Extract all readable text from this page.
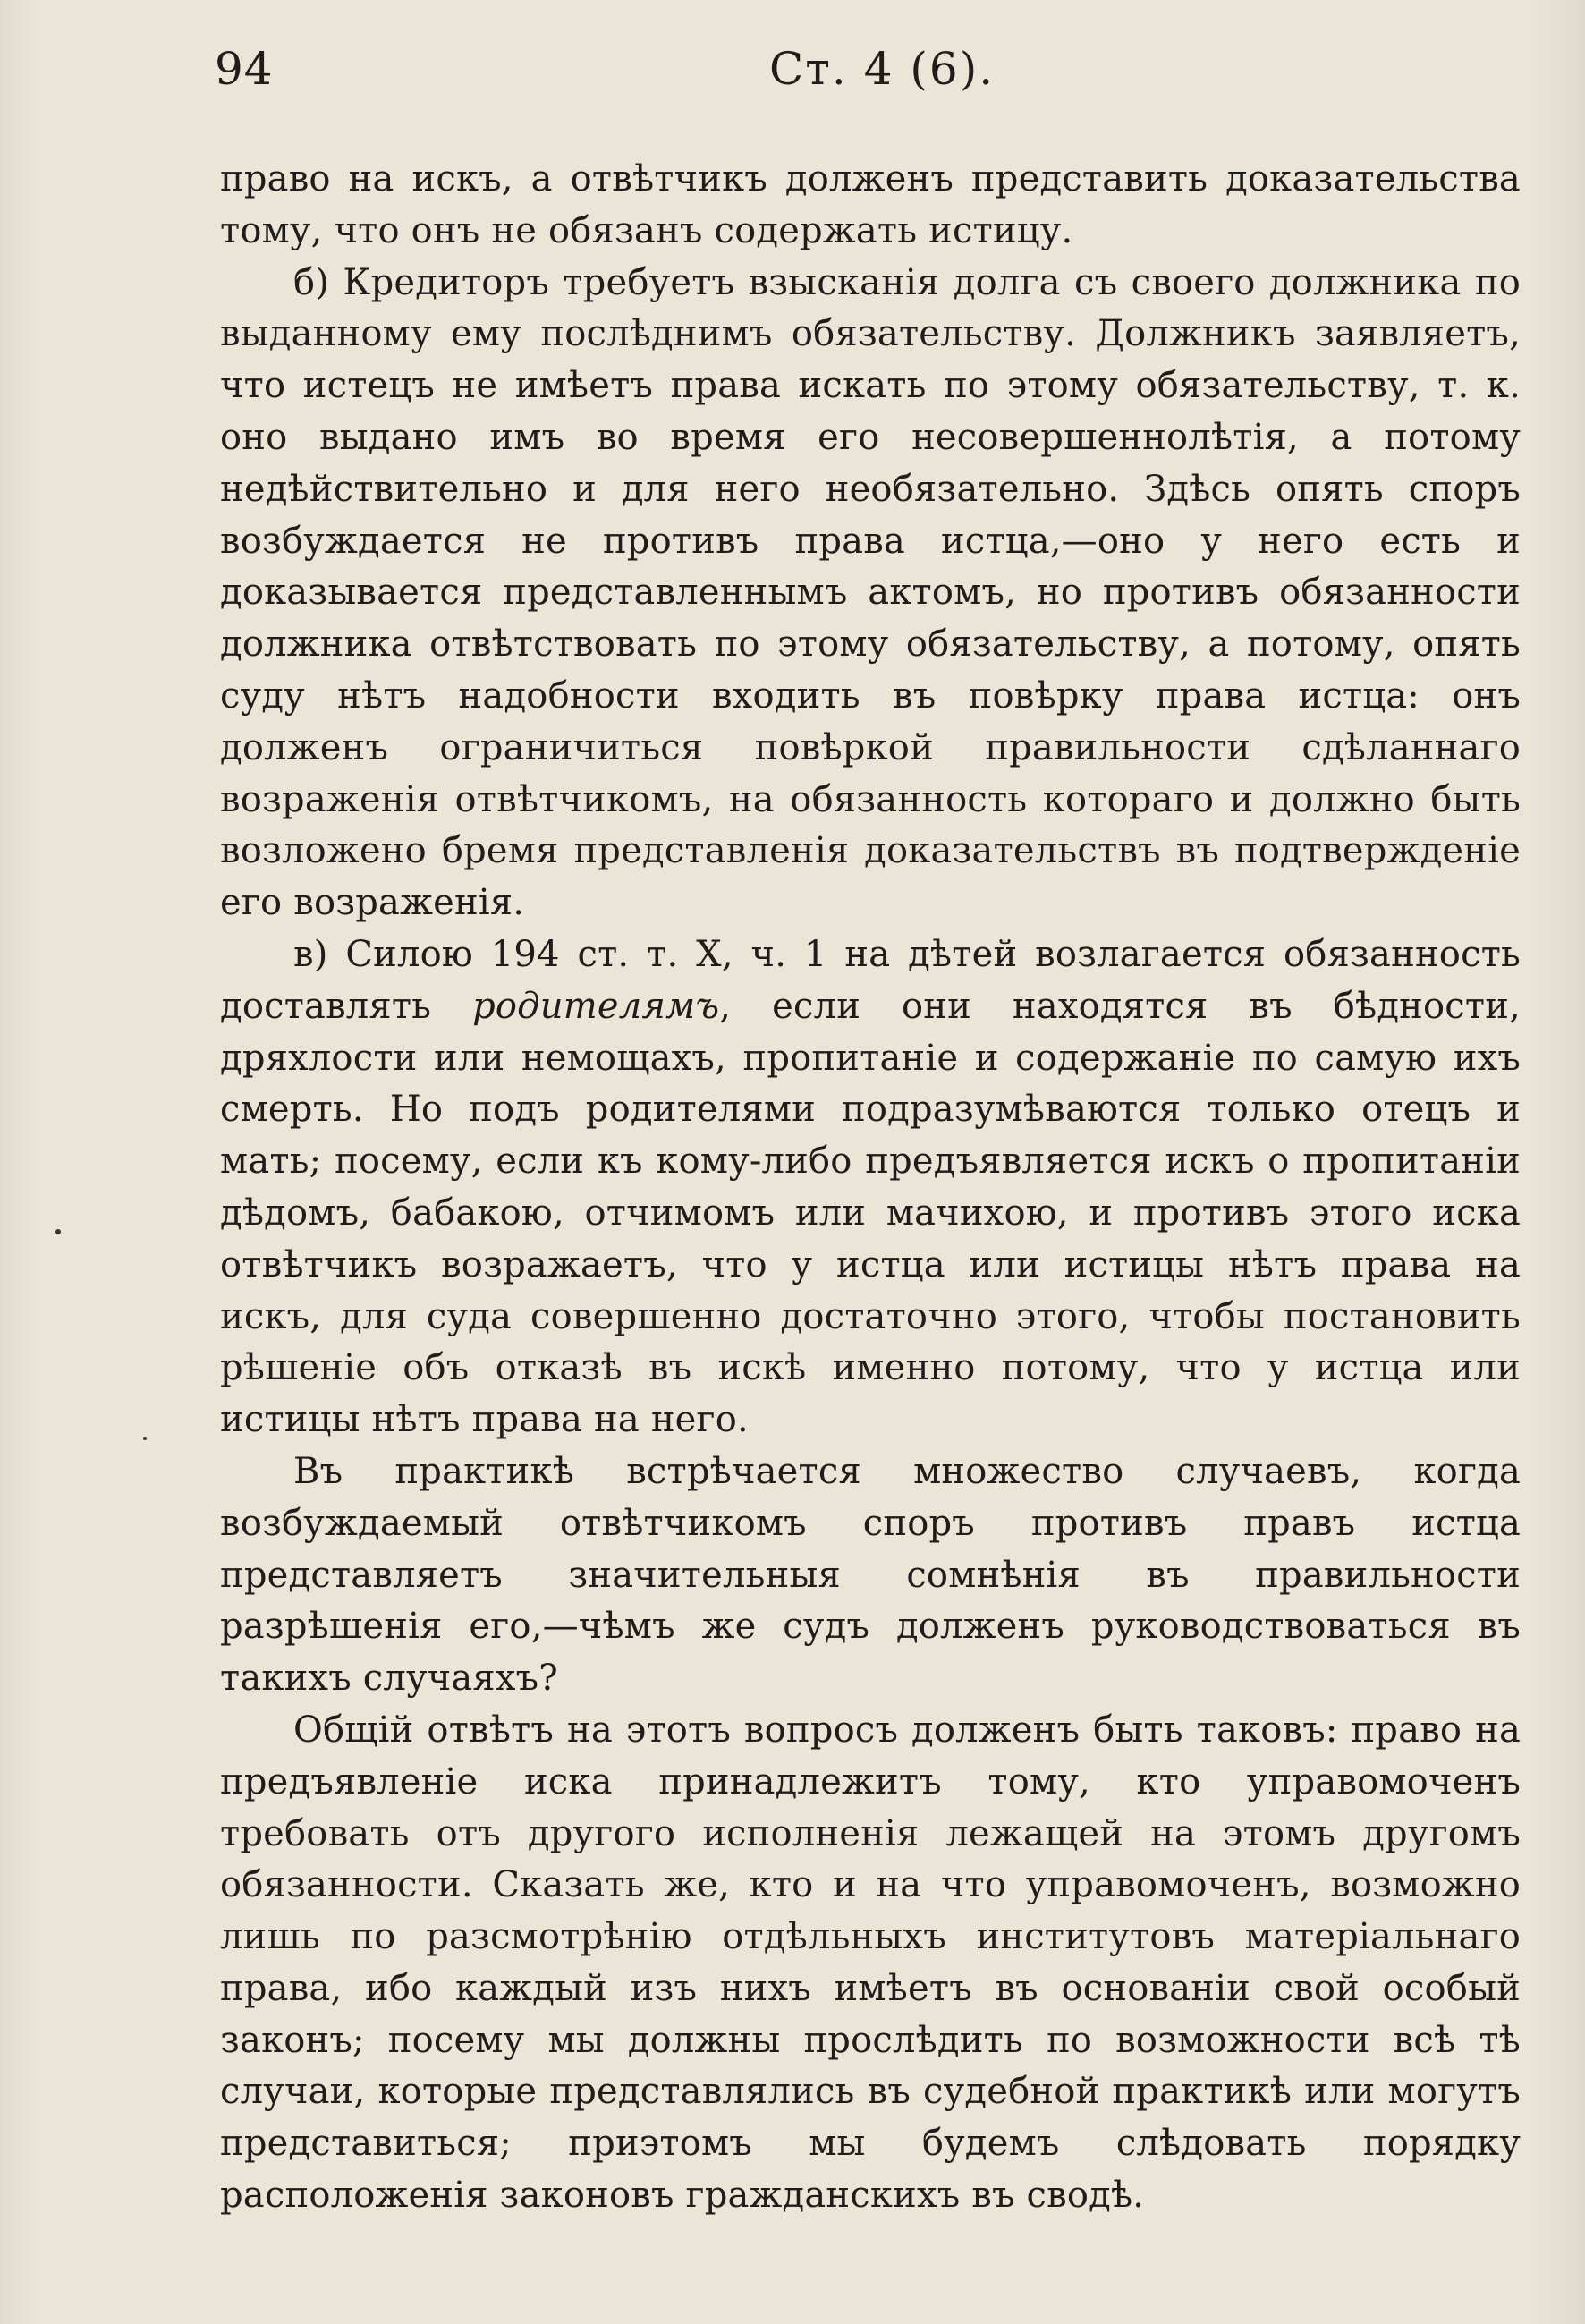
94	Ст. 4 (6).

право на искъ, а отвѣтчикъ долженъ представить доказательства тому, что онъ не обязанъ содержать истицу.

б) Кредиторъ требуетъ взысканія долга съ своего должника по выданному ему послѣднимъ обязательству. Должникъ заявляетъ, что истецъ не имѣетъ права искать по этому обязательству, т. к. оно выдано имъ во время его несовершеннолѣтія, а потому недѣйствительно и для него необязательно. Здѣсь опять споръ возбуждается не противъ права истца,—оно у него есть и доказывается представленнымъ актомъ, но противъ обязанности должника отвѣтствовать по этому обязательству, а потому, опять суду нѣтъ надобности входить въ повѣрку права истца: онъ долженъ ограничиться повѣркой правильности сдѣланнаго возраженія отвѣтчикомъ, на обязанность котораго и должно быть возложено бремя представленія доказательствъ въ подтвержденіе его возраженія.

в) Силою 194 ст. т. X, ч. 1 на дѣтей возлагается обязанность доставлять родителямъ, если они находятся въ бѣдности, дряхлости или немощахъ, пропитаніе и содержаніе по самую ихъ смерть. Но подъ родителями подразумѣваются только отецъ и мать; посему, если къ кому-либо предъявляется искъ о пропитаніи дѣдомъ, бабакою, отчимомъ или мачихою, и противъ этого иска отвѣтчикъ возражаетъ, что у истца или истицы нѣтъ права на искъ, для суда совершенно достаточно этого, чтобы постановить рѣшеніе объ отказѣ въ искѣ именно потому, что у истца или истицы нѣтъ права на него.

Въ практикѣ встрѣчается множество случаевъ, когда возбуждаемый отвѣтчикомъ споръ противъ правъ истца представляетъ значительныя сомнѣнія въ правильности разрѣшенія его,—чѣмъ же судъ долженъ руководствоваться въ такихъ случаяхъ?

Общій отвѣтъ на этотъ вопросъ долженъ быть таковъ: право на предъявленіе иска принадлежитъ тому, кто управомоченъ требовать отъ другого исполненія лежащей на этомъ другомъ обязанности. Сказать же, кто и на что управомоченъ, возможно лишь по разсмотрѣнію отдѣльныхъ институтовъ матеріальнаго права, ибо каждый изъ нихъ имѣетъ въ основаніи свой особый законъ; посему мы должны прослѣдить по возможности всѣ тѣ случаи, которые представлялись въ судебной практикѣ или могутъ представиться; приэтомъ мы будемъ слѣдовать порядку расположенія законовъ гражданскихъ въ сводѣ.
